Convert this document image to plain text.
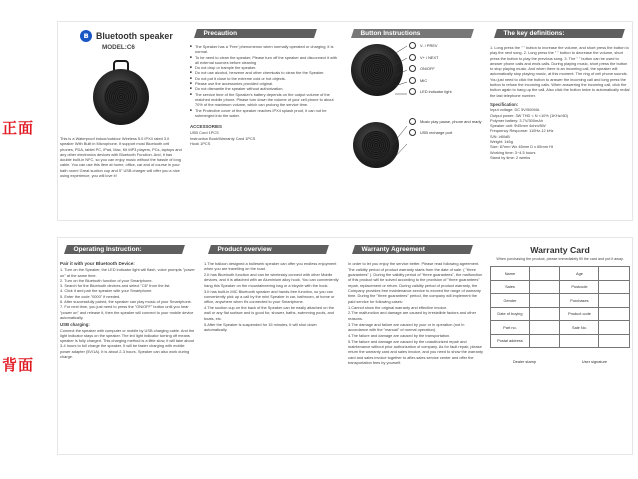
正面
背面
ʙ Bluetooth speaker
MODEL:C6
This is a Waterproof indoor/outdoor Wireless 5.0 IPX4 rated 3.0 speaker With Built in Microphone. It support most Bluetooth cell phones, PDA, tablet PC, iPad, Mac, Kit MP3 players, PCs, laptops and any other electronics devices with Bluetooth Function. And, it has double built-in NFC, so you can enjoy music without the hassle of long cable. You can use this item at home, office, car and of course in your bath room! Great suction cup and 5" USB charger will offer you a nice using experience, you will love it!
Precaution
■ The Speaker has a 'Free' phenomenon when normally operated or charging, it is normal.
■ To be need to clean the speaker, Please turn off the speaker and disconnect it with all external sources before cleaning
■ Do not drop or trample the speaker.
■ Do not use alcohol, benzene and other chemicals to clean the the Speaker.
■ Do not put it close to the extreme cold or hot objects.
■ Please use the accessories provided original.
■ Do not dismantle the speaker without authorization.
■ The service time of the Speaker's battery depends on the output volume of the matched mobile phone. Please turn down the volume of your cell phone to about 70% of the maximum volume, which can prolong the service time.
■ The Protective cover of the speaker reaches IPX4 splash proof, it can not be submerged into the water.
ACCESSORIES
USB Cord 1PCS
Instruction Book/Warranty Card 1PCS
Hook 1PCS
Button Instructions
V- / PREV
V+ / NEXT
ON/OFF
MIC
LED indicator light
Music play pause, phone and ready
USB recharge port
The key definitions:
1. Long press the " " button to increase the volume, and short press the button to play the next song. 2. Long press the " " button to decrease the volume, short press the button to play the previous song. 3. The " " button can be used to answer phone calls and ends calls. During playing music, short press the button to stop playing music. And when there is an incoming call, the speaker will automatically stop playing music, at this moment. The ring of cell phone sounds. You just need to click the button to answer the incoming call and long press the button to refuse the incoming calls. When answering the incoming call, click the button again to hang up the call. Also click the button twice to automatically redial the last telephone number.
Specification:
Input voltage: DC 5V/500MA
Output power: 3W THD < N <10% (1KHz/4Ω)
Polymer battery: 3.7V/300mAh
Speaker unit: Φ45mm 4ohm/5W
Frequency Response: 110Hz-12 kHz
S/N: ≥80dB
Weight: 146g
Size: 87mm Wx 45mm D x 65mm Ht
Working time: 3~4.5 hours
Stand by time: 2 weeks
Operating Instruction:
Pair it with your Bluetooth Device:
1. Turn on the Speaker, the LED indicator light will flash, voice prompts "power on" at the same time.
2. Turn on the Bluetooth function of your Smartphone.
3. Search for the Bluetooth devices and select "C6" from the list.
4. Click it and pair the speaker with your Smartphone.
5. Enter the code "0000" if needed.
6. After successfully paired, the speaker can play music of your Smartphone.
7. For next time, you just need to press the "ON/OFF" button until you hear "power on" and release it, then the speaker will connect to your mobile device automatically.
USB charging:
Connect the speaker with computer or mobile by USB charging cable. And the light indicator stays on the speaker. The led light indicator turning off means speaker is fully charged. This charging method is a little slow, it will take about 3-4 hours to full charge the speaker. It will be faster charging with mobile power adapter (5V/1A). It is about 2-3 hours. Speaker can also work during charge.
Product overview

1.The balloon designed a bulleserk speaker can offer you endless enjoyment when you are travelling on the road.

2.It has Bluetooth function and can be wirelessly connect with other Mobile devices, and it is attached with an Aluminium alloy hook. You can conveniently hang this Speaker on the mountaineering bag or a bicycle with the hook.

3.It has built-in MIC Bluetooth speaker and hands-free function, so you can conveniently pick up a call by the mini Speaker in car, bathroom, at home or office, anywhere when it's connected to your Smartphone.

4.The suction cup on the back of the Speaker can be easily attached on the wall or any flat surface and is good for, shower, baths, swimming pools, and boats, etc.

5.After the Speaker is suspended for 15 minutes, it will shut down automatically.

Warranty Agreement

In order to let you enjoy the service better. Please read following agreement.

The validity period of product warranty starts from the date of sale. ( "three guarantees" ). During the validity period of "three guarantees", the malfunction of this product will be solved according to the provision of "three guarantees" repair, replacement or return. During validity period of product warranty, the Company provides free maintenance service to exceed the range of warranty time. During the "three guarantees" period, the company will implement the paid service for following cases:

1.Cannot show the original warranty and effective invoice.

2.The malfunction and damage are caused by irresistible factors and other reasons.

3.The damage and failure are caused by your or in operation (not in accordance with the "manual" of normal operation).

4.The failure and damage are caused by the transportation.

5.The failure and damage are caused by the unauthorized repair and maintenance without prior authorization of company. As for fault repair, please return the warranty card and sales invoice, and you need to show the warranty card and sales invoice together to after-sales service center and offer the transportation fees by yourself.

Warranty Card
When purchasing the product, please immediately fill the card and put it away.
Name		Age	
Sales		Postcode	
Gender		Purchases	
Date of buying		Product code	
Part no.		Sale No.	
Postal address			
Dealer stamp	User signature
